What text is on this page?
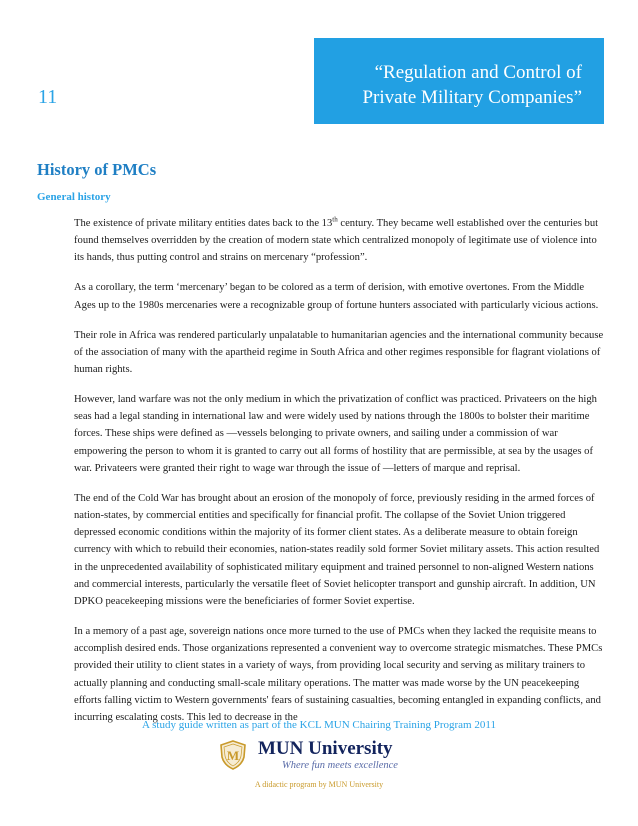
“Regulation and Control of
Private Military Companies”
11
History of PMCs
General history

The existence of private military entities dates back to the 13th century. They became well established over the centuries but found themselves overridden by the creation of modern state which centralized monopoly of legitimate use of violence into its hands, thus putting control and strains on mercenary “profession”.

As a corollary, the term ‘mercenary’ began to be colored as a term of derision, with emotive overtones. From the Middle Ages up to the 1980s mercenaries were a recognizable group of fortune hunters associated with particularly vicious actions.

Their role in Africa was rendered particularly unpalatable to humanitarian agencies and the international community because of the association of many with the apartheid regime in South Africa and other regimes responsible for flagrant violations of human rights.

However, land warfare was not the only medium in which the privatization of conflict was practiced. Privateers on the high seas had a legal standing in international law and were widely used by nations through the 1800s to bolster their maritime forces. These ships were defined as —vessels belonging to private owners, and sailing under a commission of war empowering the person to whom it is granted to carry out all forms of hostility that are permissible, at sea by the usages of war. Privateers were granted their right to wage war through the issue of —letters of marque and reprisal.

The end of the Cold War has brought about an erosion of the monopoly of force, previously residing in the armed forces of nation-states, by commercial entities and specifically for financial profit. The collapse of the Soviet Union triggered depressed economic conditions within the majority of its former client states. As a deliberate measure to obtain foreign currency with which to rebuild their economies, nation-states readily sold former Soviet military assets. This action resulted in the unprecedented availability of sophisticated military equipment and trained personnel to non-aligned Western nations and commercial interests, particularly the versatile fleet of Soviet helicopter transport and gunship aircraft. In addition, UN DPKO peacekeeping missions were the beneficiaries of former Soviet expertise.

In a memory of a past age, sovereign nations once more turned to the use of PMCs when they lacked the requisite means to accomplish desired ends. Those organizations represented a convenient way to overcome strategic mismatches. These PMCs provided their utility to client states in a variety of ways, from providing local security and serving as military trainers to actually planning and conducting small-scale military operations. The matter was made worse by the UN peacekeeping efforts falling victim to Western governments' fears of sustaining casualties, becoming entangled in expanding conflicts, and incurring escalating costs. This led to decrease in the

A study guide written as part of the KCL MUN Chairing Training Program 2011
M MUN University
Where fun meets excellence
A didactic program by MUN University
